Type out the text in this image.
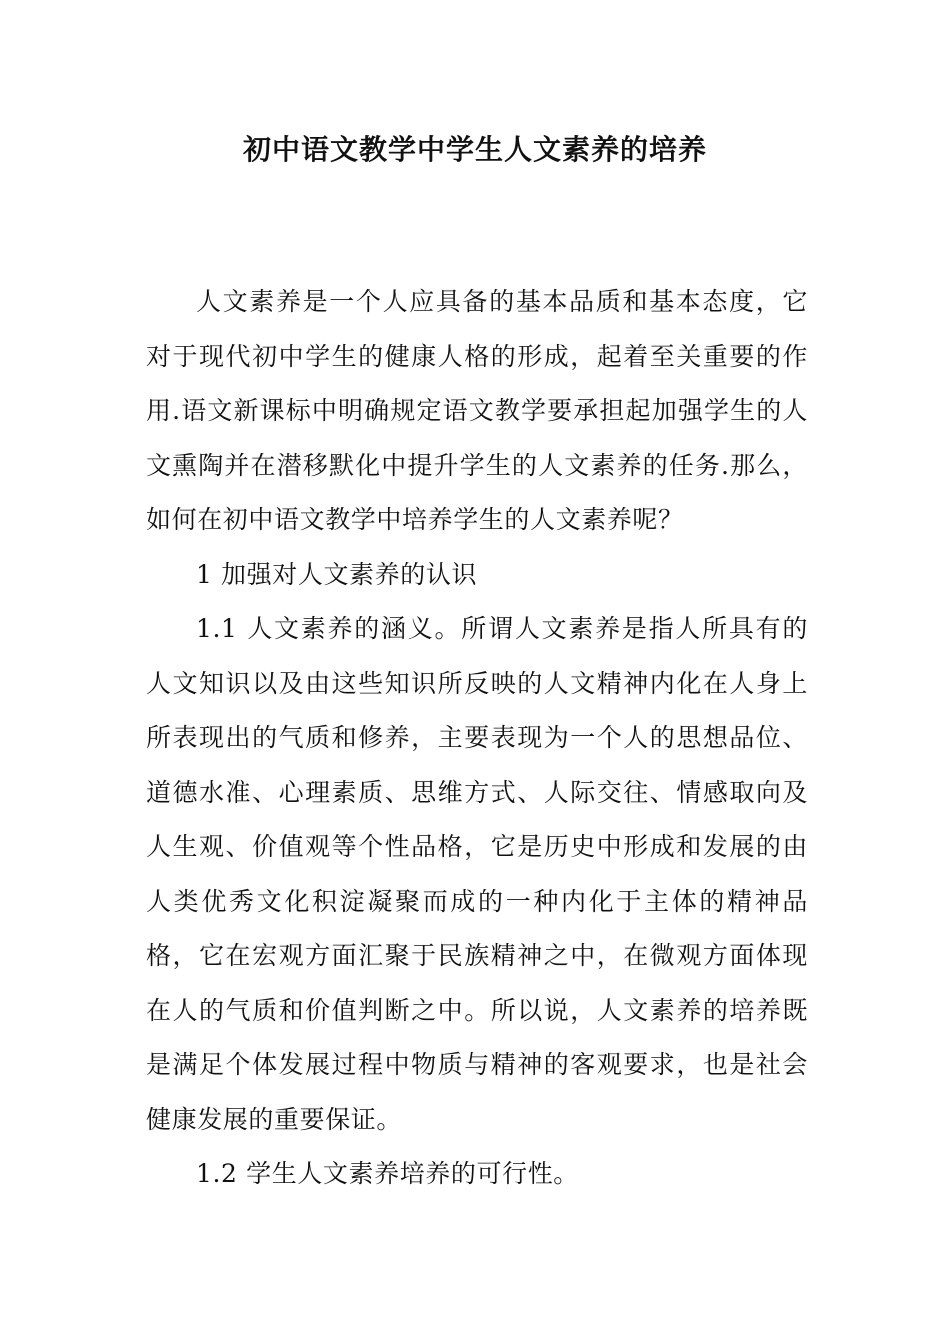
初中语文教学中学生人文素养的培养

人文素养是一个人应具备的基本品质和基本态度，它对于现代初中学生的健康人格的形成，起着至关重要的作用.语文新课标中明确规定语文教学要承担起加强学生的人文熏陶并在潜移默化中提升学生的人文素养的任务.那么，如何在初中语文教学中培养学生的人文素养呢？

1 加强对人文素养的认识

1.1 人文素养的涵义。所谓人文素养是指人所具有的人文知识以及由这些知识所反映的人文精神内化在人身上所表现出的气质和修养，主要表现为一个人的思想品位、道德水准、心理素质、思维方式、人际交往、情感取向及人生观、价值观等个性品格，它是历史中形成和发展的由人类优秀文化积淀凝聚而成的一种内化于主体的精神品格，它在宏观方面汇聚于民族精神之中，在微观方面体现在人的气质和价值判断之中。所以说，人文素养的培养既是满足个体发展过程中物质与精神的客观要求，也是社会健康发展的重要保证。

1.2 学生人文素养培养的可行性。
